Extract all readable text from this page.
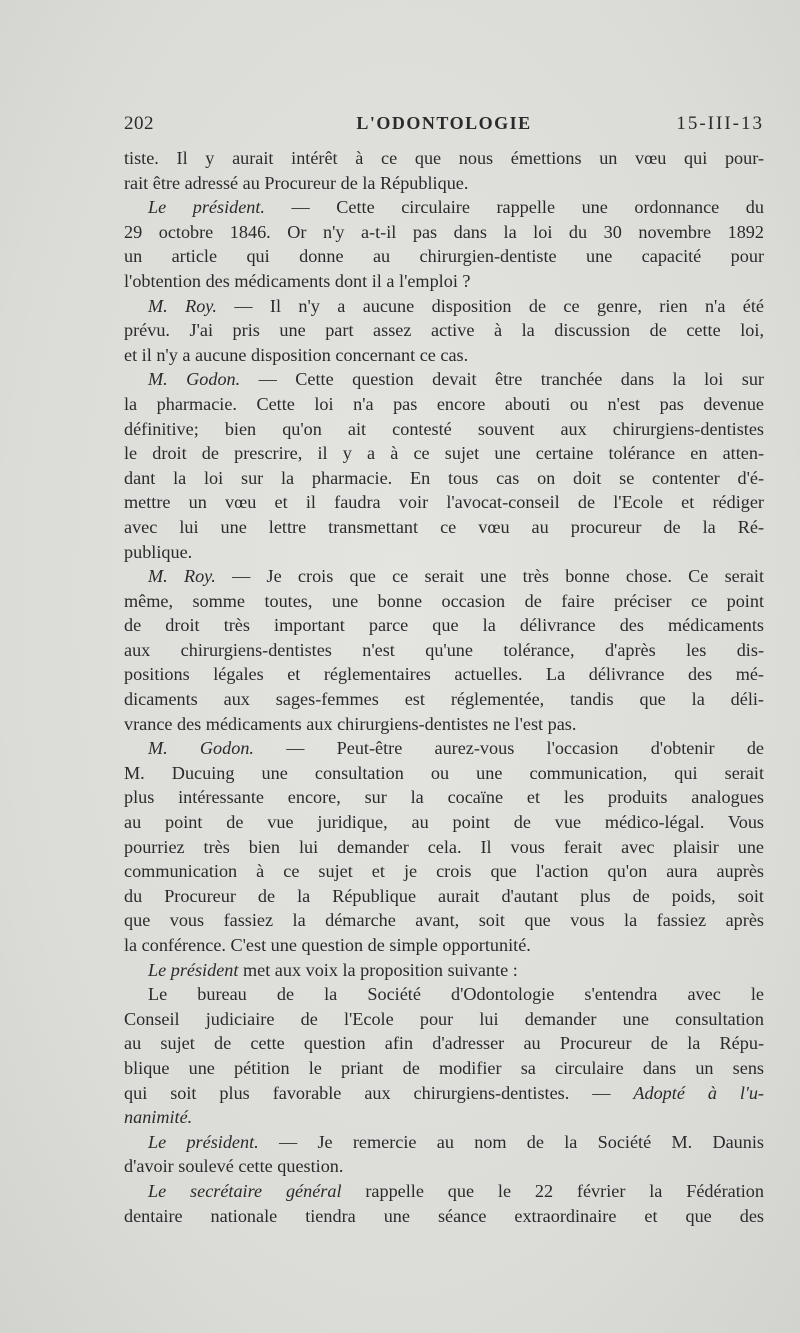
202	L'ODONTOLOGIE	15-III-13
tiste. Il y aurait intérêt à ce que nous émettions un vœu qui pour-
rait être adressé au Procureur de la République.
Le président. — Cette circulaire rappelle une ordonnance du
29 octobre 1846. Or n'y a-t-il pas dans la loi du 30 novembre 1892
un article qui donne au chirurgien-dentiste une capacité pour
l'obtention des médicaments dont il a l'emploi ?
M. Roy. — Il n'y a aucune disposition de ce genre, rien n'a été
prévu. J'ai pris une part assez active à la discussion de cette loi,
et il n'y a aucune disposition concernant ce cas.
M. Godon. — Cette question devait être tranchée dans la loi sur
la pharmacie. Cette loi n'a pas encore abouti ou n'est pas devenue
définitive; bien qu'on ait contesté souvent aux chirurgiens-dentistes
le droit de prescrire, il y a à ce sujet une certaine tolérance en atten-
dant la loi sur la pharmacie. En tous cas on doit se contenter d'é-
mettre un vœu et il faudra voir l'avocat-conseil de l'Ecole et rédiger
avec lui une lettre transmettant ce vœu au procureur de la Ré-
publique.
M. Roy. — Je crois que ce serait une très bonne chose. Ce serait
même, somme toutes, une bonne occasion de faire préciser ce point
de droit très important parce que la délivrance des médicaments
aux chirurgiens-dentistes n'est qu'une tolérance, d'après les dis-
positions légales et réglementaires actuelles. La délivrance des mé-
dicaments aux sages-femmes est réglementée, tandis que la déli-
vrance des médicaments aux chirurgiens-dentistes ne l'est pas.
M. Godon. — Peut-être aurez-vous l'occasion d'obtenir de
M. Ducuing une consultation ou une communication, qui serait
plus intéressante encore, sur la cocaïne et les produits analogues
au point de vue juridique, au point de vue médico-légal. Vous
pourriez très bien lui demander cela. Il vous ferait avec plaisir une
communication à ce sujet et je crois que l'action qu'on aura auprès
du Procureur de la République aurait d'autant plus de poids, soit
que vous fassiez la démarche avant, soit que vous la fassiez après
la conférence. C'est une question de simple opportunité.
Le président met aux voix la proposition suivante :
Le bureau de la Société d'Odontologie s'entendra avec le
Conseil judiciaire de l'Ecole pour lui demander une consultation
au sujet de cette question afin d'adresser au Procureur de la Répu-
blique une pétition le priant de modifier sa circulaire dans un sens
qui soit plus favorable aux chirurgiens-dentistes. — Adopté à l'u-
nanimité.
Le président. — Je remercie au nom de la Société M. Daunis
d'avoir soulevé cette question.
Le secrétaire général rappelle que le 22 février la Fédération
dentaire nationale tiendra une séance extraordinaire et que des
